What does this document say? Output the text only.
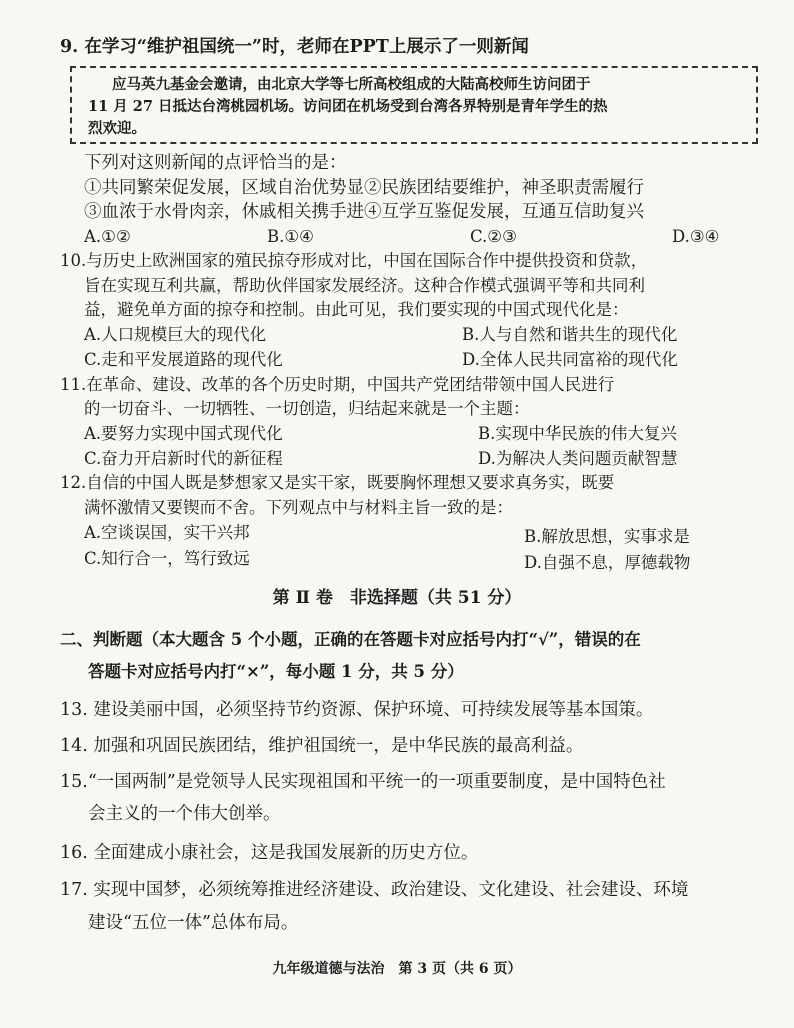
9. 在学习“维护祖国统一”时，老师在PPT上展示了一则新闻
应马英九基金会邀请，由北京大学等七所高校组成的大陆高校师生访问团于
11 月 27 日抵达台湾桃园机场。访问团在机场受到台湾各界特别是青年学生的热
烈欢迎。
下列对这则新闻的点评恰当的是：
①共同繁荣促发展，区域自治优势显②民族团结要维护，神圣职责需履行
③血浓于水骨肉亲，休戚相关携手进④互学互鉴促发展，互通互信助复兴
A.①②	B.①④	C.②③	D.③④
10.与历史上欧洲国家的殖民掠夺形成对比，中国在国际合作中提供投资和贷款，
旨在实现互利共赢，帮助伙伴国家发展经济。这种合作模式强调平等和共同利
益，避免单方面的掠夺和控制。由此可见，我们要实现的中国式现代化是：
A.人口规模巨大的现代化	B.人与自然和谐共生的现代化
C.走和平发展道路的现代化	D.全体人民共同富裕的现代化
11.在革命、建设、改革的各个历史时期，中国共产党团结带领中国人民进行
的一切奋斗、一切牺牲、一切创造，归结起来就是一个主题：
A.要努力实现中国式现代化	B.实现中华民族的伟大复兴
C.奋力开启新时代的新征程	D.为解决人类问题贡献智慧
12.自信的中国人既是梦想家又是实干家，既要胸怀理想又要求真务实，既要
满怀激情又要锲而不舍。下列观点中与材料主旨一致的是：
A.空谈误国，实干兴邦	B.解放思想，实事求是
C.知行合一，笃行致远	D.自强不息，厚德载物
第 Ⅱ 卷　非选择题（共 51 分）
二、判断题（本大题含 5 个小题，正确的在答题卡对应括号内打“√”，错误的在
答题卡对应括号内打“×”，每小题 1 分，共 5 分）
13. 建设美丽中国，必须坚持节约资源、保护环境、可持续发展等基本国策。
14. 加强和巩固民族团结，维护祖国统一，是中华民族的最高利益。
15.“一国两制”是党领导人民实现祖国和平统一的一项重要制度，是中国特色社
会主义的一个伟大创举。
16. 全面建成小康社会，这是我国发展新的历史方位。
17. 实现中国梦，必须统筹推进经济建设、政治建设、文化建设、社会建设、环境
建设“五位一体”总体布局。
九年级道德与法治　第 3 页（共 6 页）
